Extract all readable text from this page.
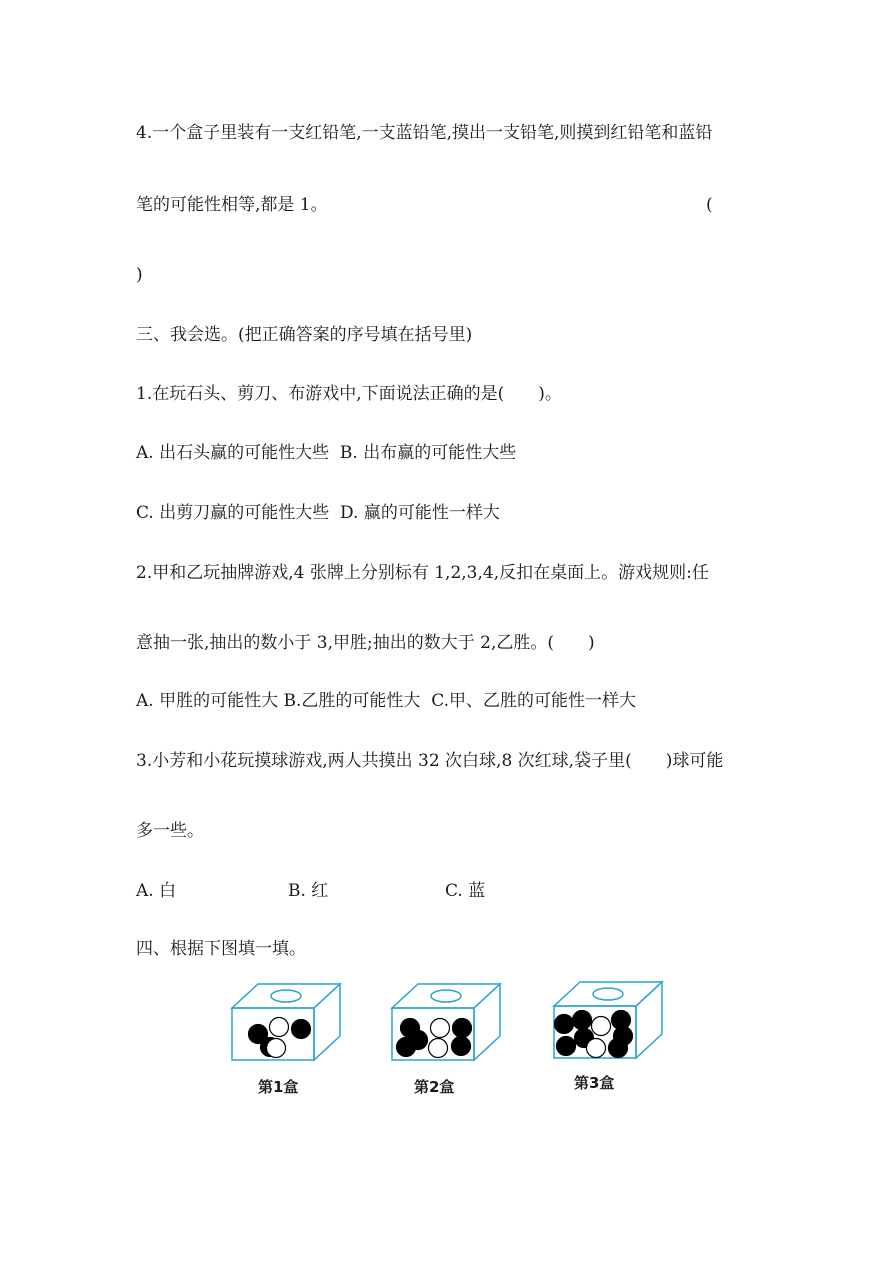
4.一个盒子里装有一支红铅笔,一支蓝铅笔,摸出一支铅笔,则摸到红铅笔和蓝铅
笔的可能性相等,都是 1。	(
)
三、我会选。(把正确答案的序号填在括号里)
1.在玩石头、剪刀、布游戏中,下面说法正确的是(　　)。
A. 出石头赢的可能性大些  B. 出布赢的可能性大些
C. 出剪刀赢的可能性大些  D. 赢的可能性一样大
2.甲和乙玩抽牌游戏,4 张牌上分别标有 1,2,3,4,反扣在桌面上。游戏规则:任
意抽一张,抽出的数小于 3,甲胜;抽出的数大于 2,乙胜。(　　)
A. 甲胜的可能性大 B.乙胜的可能性大  C.甲、乙胜的可能性一样大
3.小芳和小花玩摸球游戏,两人共摸出 32 次白球,8 次红球,袋子里(　　)球可能
多一些。
A. 白	B. 红	C. 蓝
四、根据下图填一填。
第1盒	第2盒	第3盒
